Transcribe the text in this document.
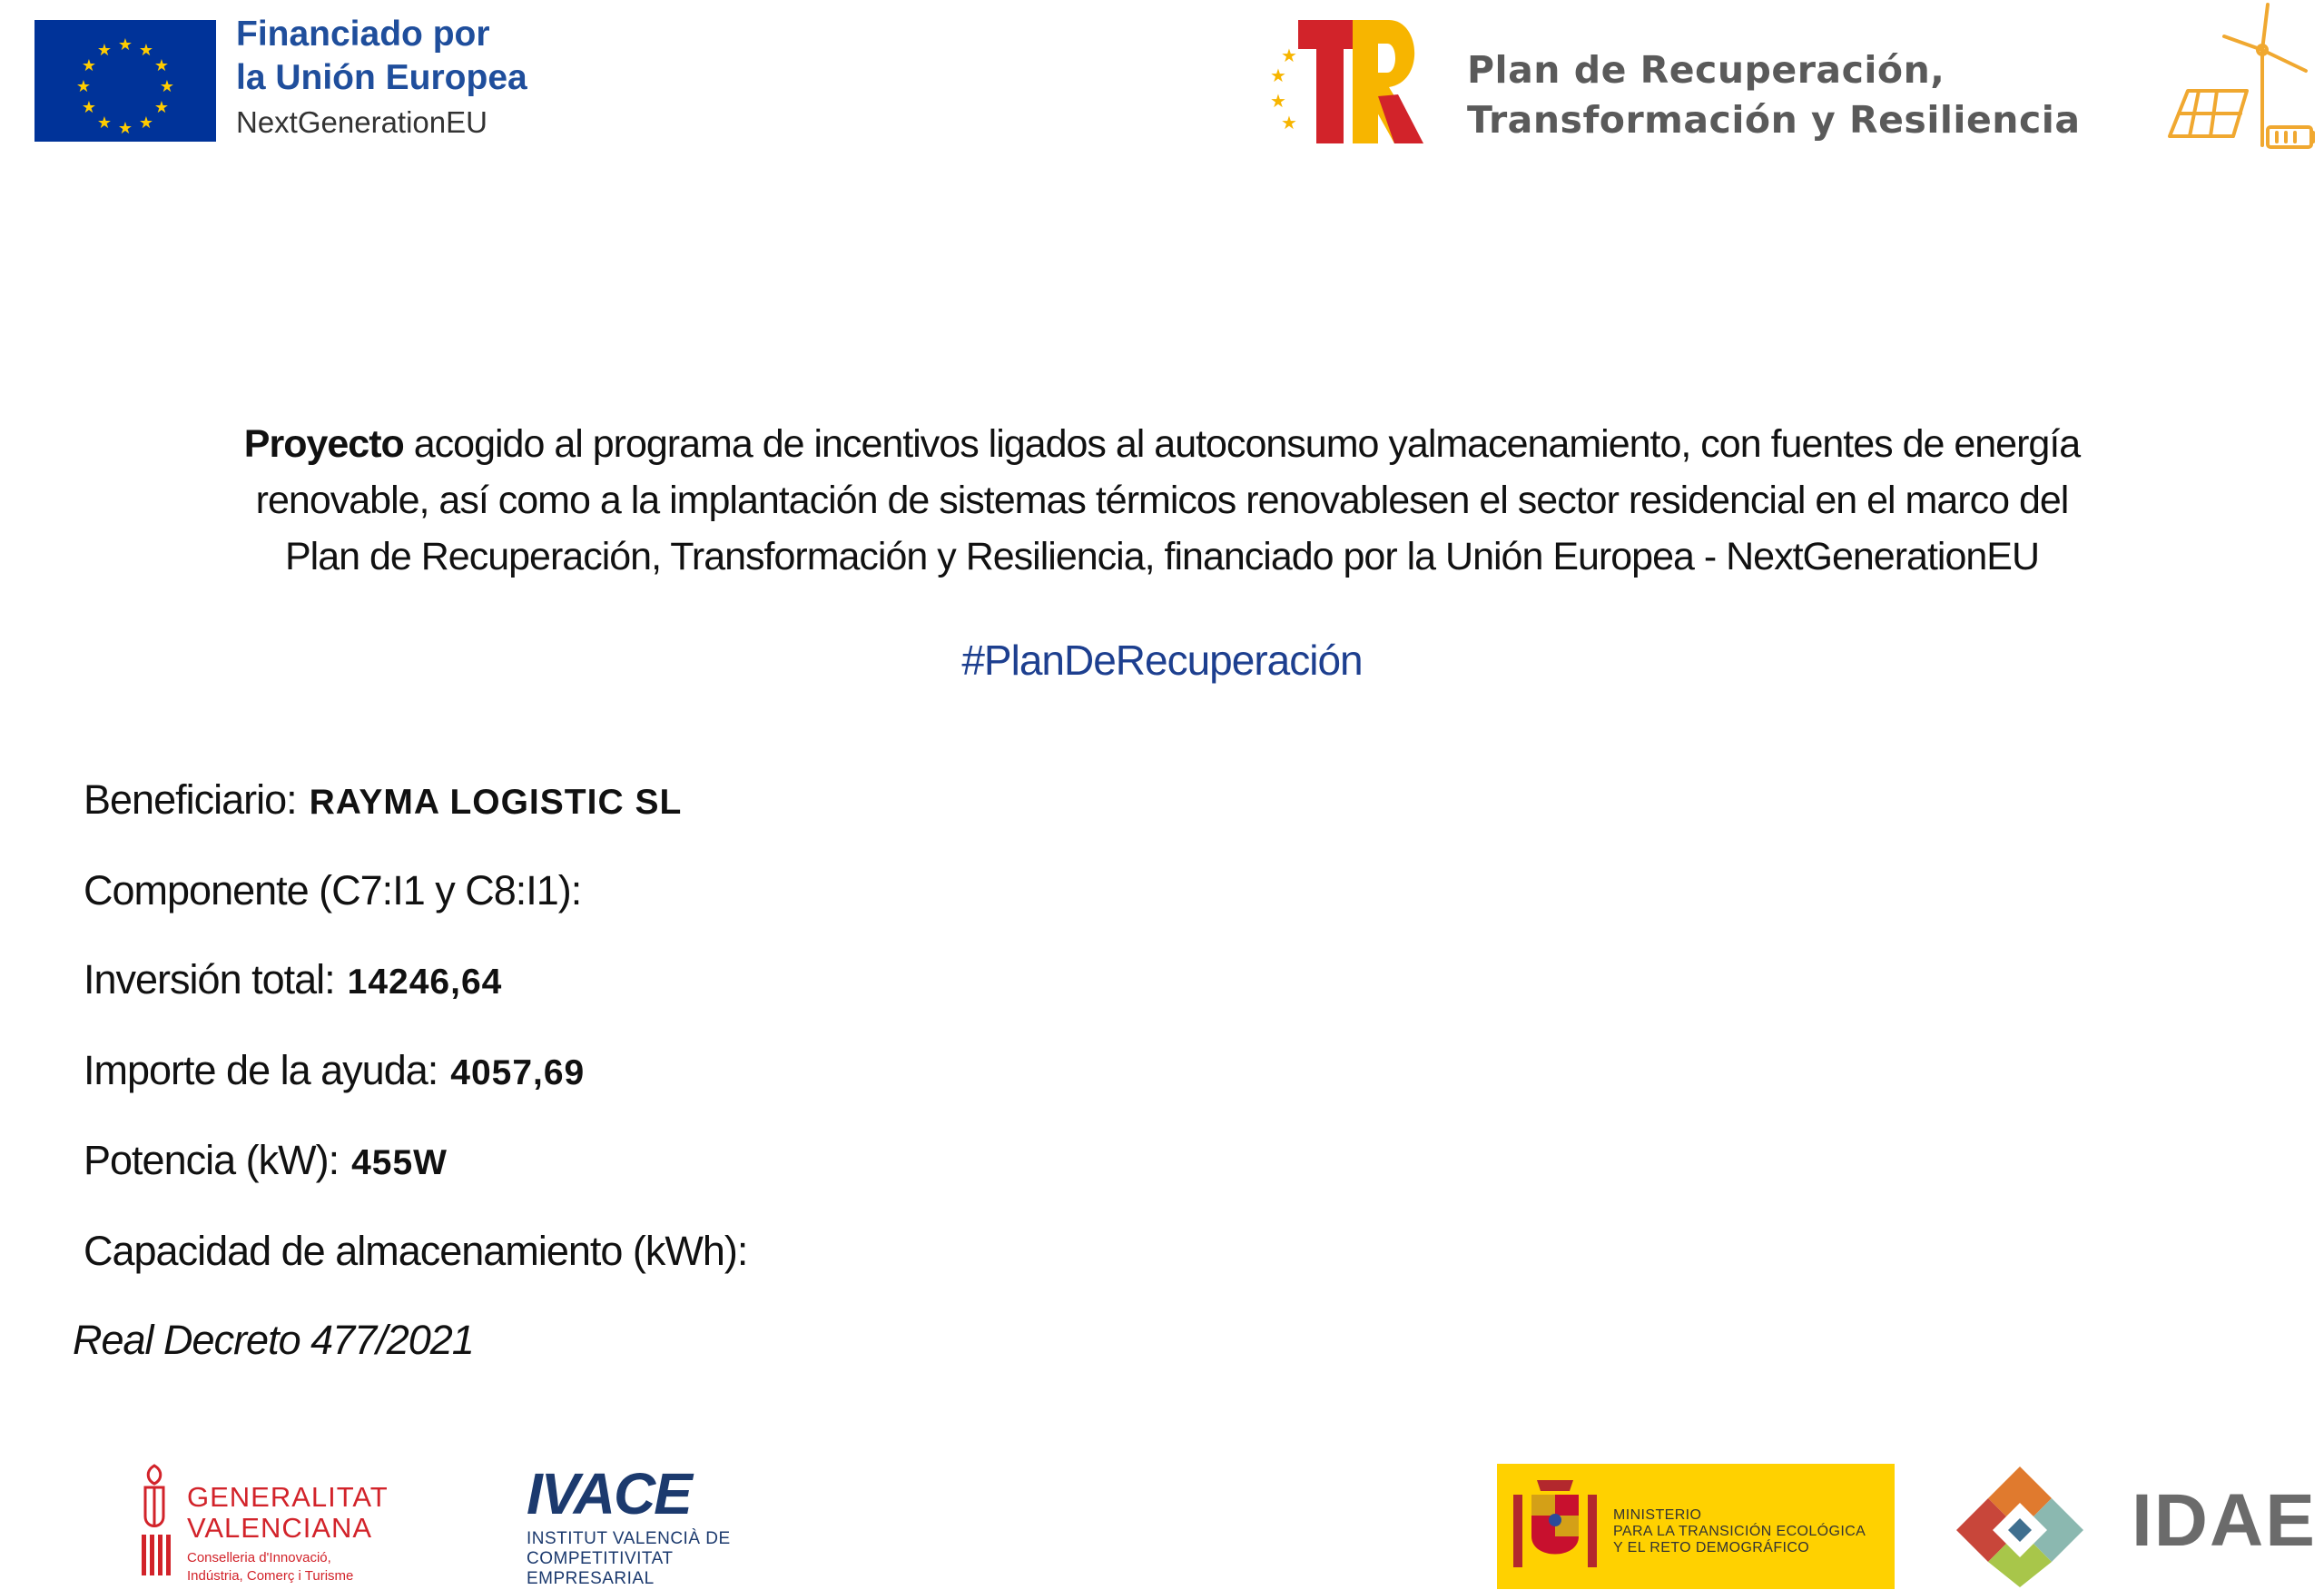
★ ★
★
★
★
★
★
★
★
★
★
★	Financiado por
la Unión Europea
NextGenerationEU
★
★
★
★
Plan de Recuperación,
Transformación y Resiliencia
Proyecto acogido al programa de incentivos ligados al autoconsumo yalmacenamiento, con fuentes de energía
renovable, así como a la implantación de sistemas térmicos renovablesen el sector residencial en el marco del
Plan de Recuperación, Transformación y Resiliencia, financiado por la Unión Europea - NextGenerationEU
#PlanDeRecuperación
Beneficiario: RAYMA LOGISTIC SL
Componente (C7:I1 y C8:I1):
Inversión total: 14246,64
Importe de la ayuda: 4057,69
Potencia (kW): 455W
Capacidad de almacenamiento (kWh):
Real Decreto 477/2021
GENERALITAT
VALENCIANA
Conselleria d'Innovació,
Indústria, Comerç i Turisme
IVACE
INSTITUT VALENCIÀ DE
COMPETITIVITAT EMPRESARIAL
MINISTERIO
PARA LA TRANSICIÓN ECOLÓGICA
Y EL RETO DEMOGRÁFICO	IDAE
